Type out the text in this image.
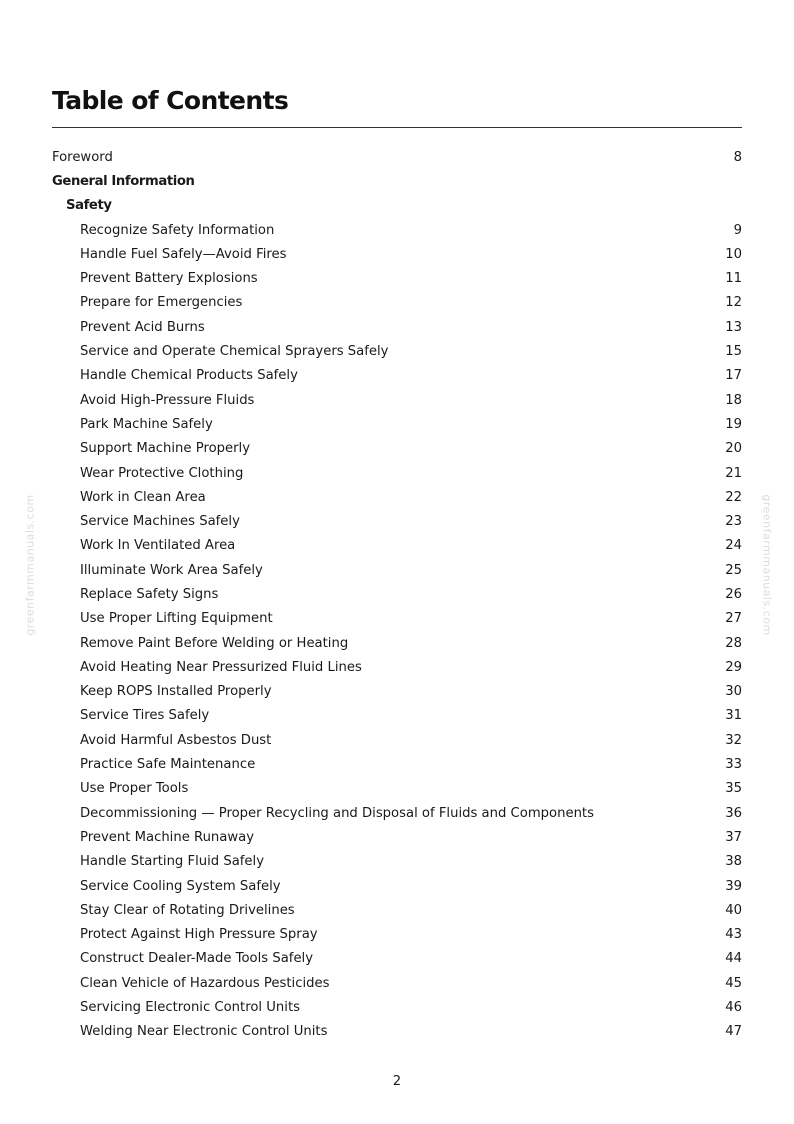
Table of Contents
Foreword	8
General Information
Safety
Recognize Safety Information	9
Handle Fuel Safely—Avoid Fires	10
Prevent Battery Explosions	11
Prepare for Emergencies	12
Prevent Acid Burns	13
Service and Operate Chemical Sprayers Safely	15
Handle Chemical Products Safely	17
Avoid High-Pressure Fluids	18
Park Machine Safely	19
Support Machine Properly	20
Wear Protective Clothing	21
Work in Clean Area	22
Service Machines Safely	23
Work In Ventilated Area	24
Illuminate Work Area Safely	25
Replace Safety Signs	26
Use Proper Lifting Equipment	27
Remove Paint Before Welding or Heating	28
Avoid Heating Near Pressurized Fluid Lines	29
Keep ROPS Installed Properly	30
Service Tires Safely	31
Avoid Harmful Asbestos Dust	32
Practice Safe Maintenance	33
Use Proper Tools	35
Decommissioning — Proper Recycling and Disposal of Fluids and Components	36
Prevent Machine Runaway	37
Handle Starting Fluid Safely	38
Service Cooling System Safely	39
Stay Clear of Rotating Drivelines	40
Protect Against High Pressure Spray	43
Construct Dealer-Made Tools Safely	44
Clean Vehicle of Hazardous Pesticides	45
Servicing Electronic Control Units	46
Welding Near Electronic Control Units	47
greenfarmmanuals.com	greenfarmmanuals.com
2
